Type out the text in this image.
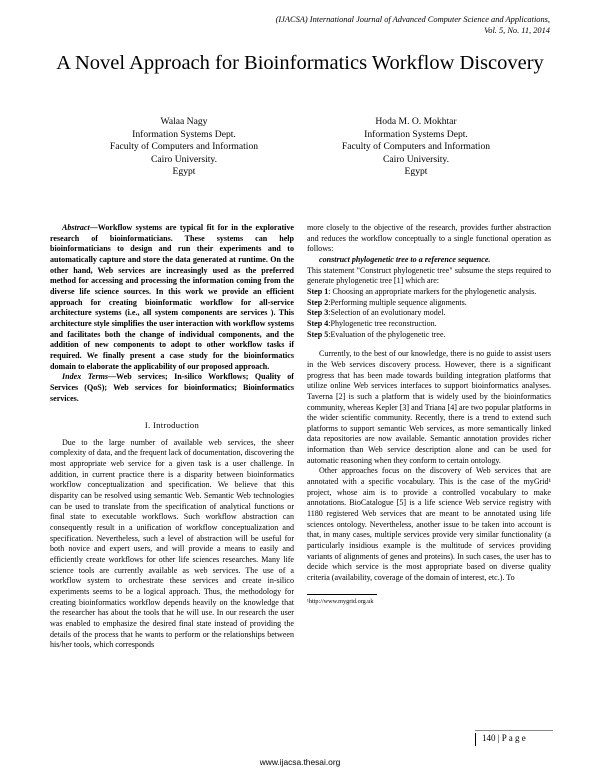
(IJACSA) International Journal of Advanced Computer Science and Applications,
Vol. 5, No. 11, 2014
A Novel Approach for Bioinformatics Workflow Discovery
Walaa Nagy
Information Systems Dept.
Faculty of Computers and Information
Cairo University.
Egypt
Hoda M. O. Mokhtar
Information Systems Dept.
Faculty of Computers and Information
Cairo University.
Egypt

Abstract—Workflow systems are typical fit for in the explorative research of bioinformaticians. These systems can help bioinformaticians to design and run their experiments and to automatically capture and store the data generated at runtime. On the other hand, Web services are increasingly used as the preferred method for accessing and processing the information coming from the diverse life science sources. In this work we provide an efficient approach for creating bioinformatic workflow for all-service architecture systems (i.e., all system components are services ). This architecture style simplifies the user interaction with workflow systems and facilitates both the change of individual components, and the addition of new components to adopt to other workflow tasks if required. We finally present a case study for the bioinformatics domain to elaborate the applicability of our proposed approach.

Index Terms—Web services; In-silico Workflows; Quality of Services (QoS); Web services for bioinformatics; Bioinformatics services.

I. Introduction

Due to the large number of available web services, the sheer complexity of data, and the frequent lack of documentation, discovering the most appropriate web service for a given task is a user challenge. In addition, in current practice there is a disparity between bioinformatics workflow conceptualization and specification. We believe that this disparity can be resolved using semantic Web. Semantic Web technologies can be used to translate from the specification of analytical functions or final state to executable workflows. Such workflow abstraction can consequently result in a unification of workflow conceptualization and specification. Nevertheless, such a level of abstraction will be useful for both novice and expert users, and will provide a means to easily and efficiently create workflows for other life sciences researches. Many life science tools are currently available as web services. The use of a workflow system to orchestrate these services and create in-silico experiments seems to be a logical approach. Thus, the methodology for creating bioinformatics workflow depends heavily on the knowledge that the researcher has about the tools that he will use. In our research the user was enabled to emphasize the desired final state instead of providing the details of the process that he wants to perform or the relationships between his/her tools, which corresponds

more closely to the objective of the research, provides further abstraction and reduces the workflow conceptually to a single functional operation as follows:

construct phylogenetic tree to a reference sequence.

This statement "Construct phylogenetic tree" subsume the steps required to generate phylogenetic tree [1] which are:

Step 1: Choosing an appropriate markers for the phylogenetic analysis.

Step 2:Performing multiple sequence alignments.

Step 3:Selection of an evolutionary model.

Step 4:Phylogenetic tree reconstruction.

Step 5:Evaluation of the phylogenetic tree.

Currently, to the best of our knowledge, there is no guide to assist users in the Web services discovery process. However, there is a significant progress that has been made towards building integration platforms that utilize online Web services interfaces to support bioinformatics analyses. Taverna [2] is such a platform that is widely used by the bioinformatics community, whereas Kepler [3] and Triana [4] are two popular platforms in the wider scientific community. Recently, there is a trend to extend such platforms to support semantic Web services, as more semantically linked data repositories are now available. Semantic annotation provides richer information than Web service description alone and can be used for automatic reasoning when they conform to certain ontology.

Other approaches focus on the discovery of Web services that are annotated with a specific vocabulary. This is the case of the myGrid¹ project, whose aim is to provide a controlled vocabulary to make annotations. BioCatalogue [5] is a life science Web service registry with 1180 registered Web services that are meant to be annotated using life sciences ontology. Nevertheless, another issue to be taken into account is that, in many cases, multiple services provide very similar functionality (a particularly insidious example is the multitude of services providing variants of alignments of genes and proteins). In such cases, the user has to decide which service is the most appropriate based on diverse quality criteria (availability, coverage of the domain of interest, etc.). To

¹http://www.mygrid.org.uk
140 | P a g e
www.ijacsa.thesai.org
